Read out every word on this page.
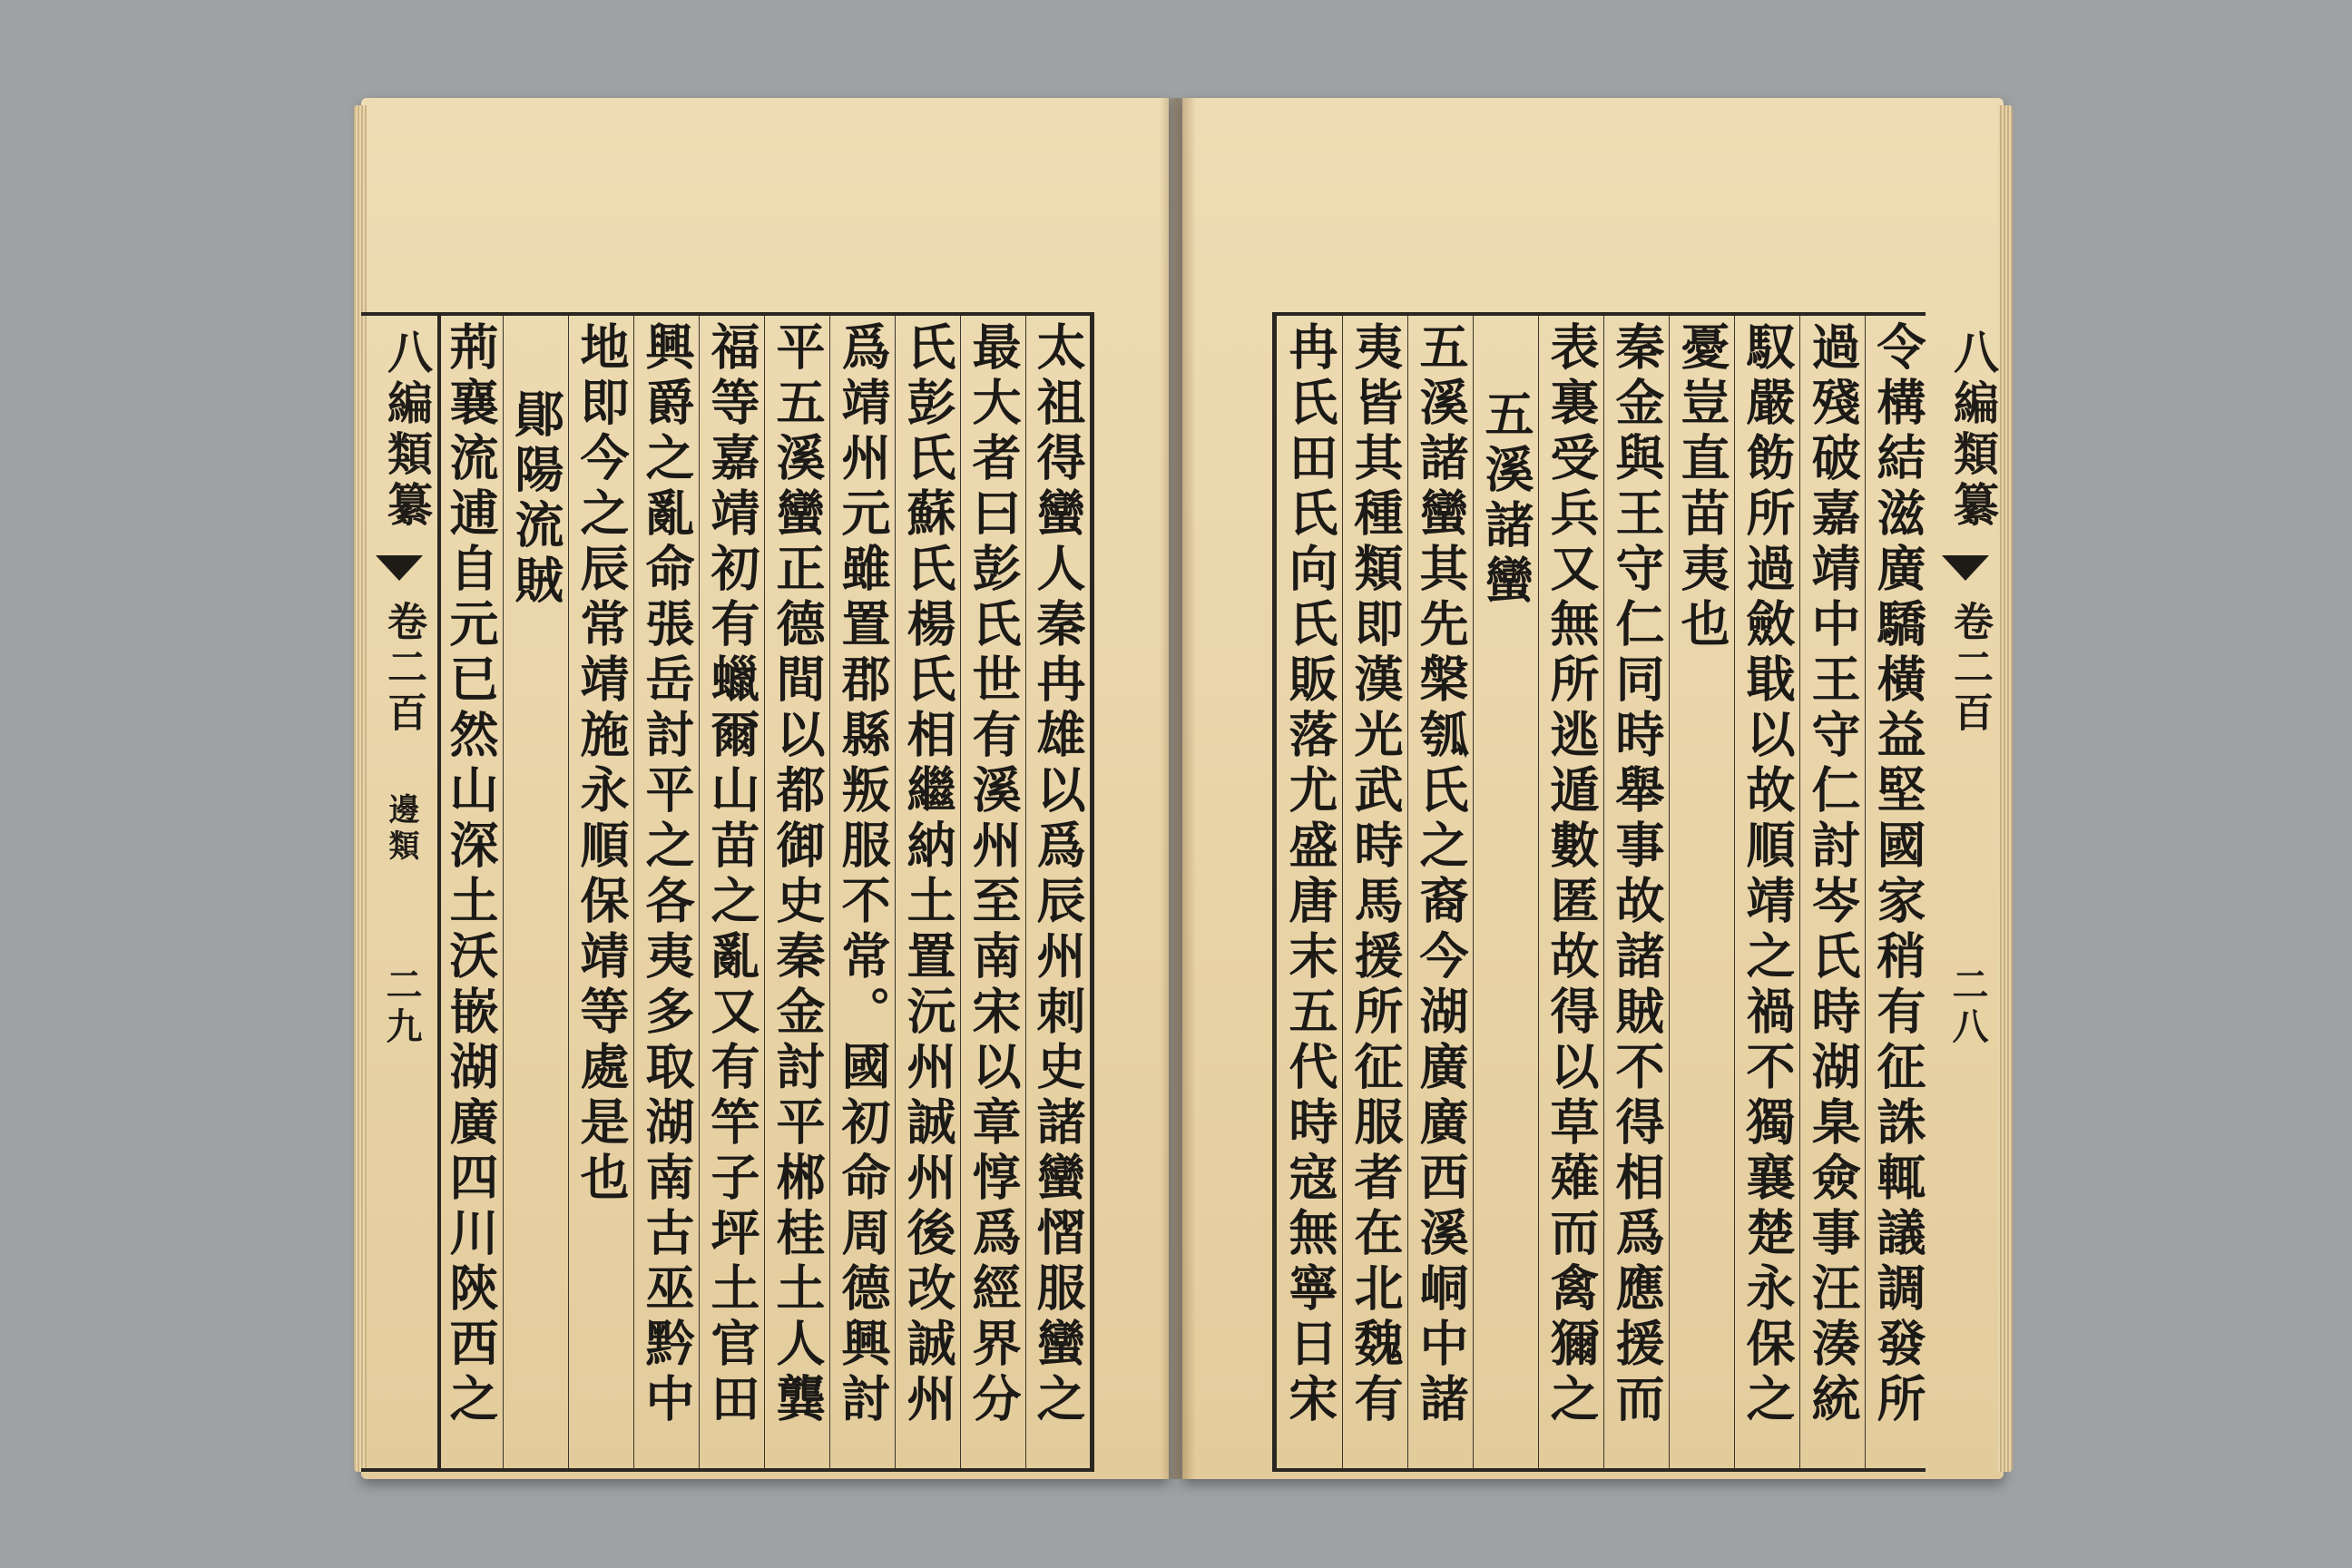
八編類纂
卷二百
邊類
二九 荊襄流逋自元已然山深土沃嵌湖廣四川陝西之 鄖陽流賊 地即今之辰常靖施永順保靖等處是也 興爵之亂命張岳討平之各夷多取湖南古巫黔中 福等嘉靖初有蠟爾山苗之亂又有竿子坪土官田 平五溪蠻正德間以都御史秦金討平郴桂土人龔 爲靖州元雖置郡縣叛服不常。國初命周德興討 氏彭氏蘇氏楊氏相繼納土置沅州誠州後改誠州 最大者曰彭氏世有溪州至南宋以章惇爲經界分 太祖得蠻人秦冉雄以爲辰州刺史諸蠻慴服蠻之	冉氏田氏向氏販落尤盛唐末五代時寇無寧日宋 夷皆其種類即漢光武時馬援所征服者在北魏有 五溪諸蠻其先槃瓠氏之裔今湖廣廣西溪峒中諸 五溪諸蠻 表裏受兵又無所逃遁數匿故得以草薙而禽獮之 秦金與王守仁同時舉事故諸賊不得相爲應援而 憂豈直苗夷也 馭嚴飭所過斂戢以故順靖之禍不獨襄楚永保之 過殘破嘉靖中王守仁討岑氏時湖臬僉事汪湊統 令構結滋廣驕橫益堅國家稍有征誅輒議調發所 八編類纂
卷二百
二八
